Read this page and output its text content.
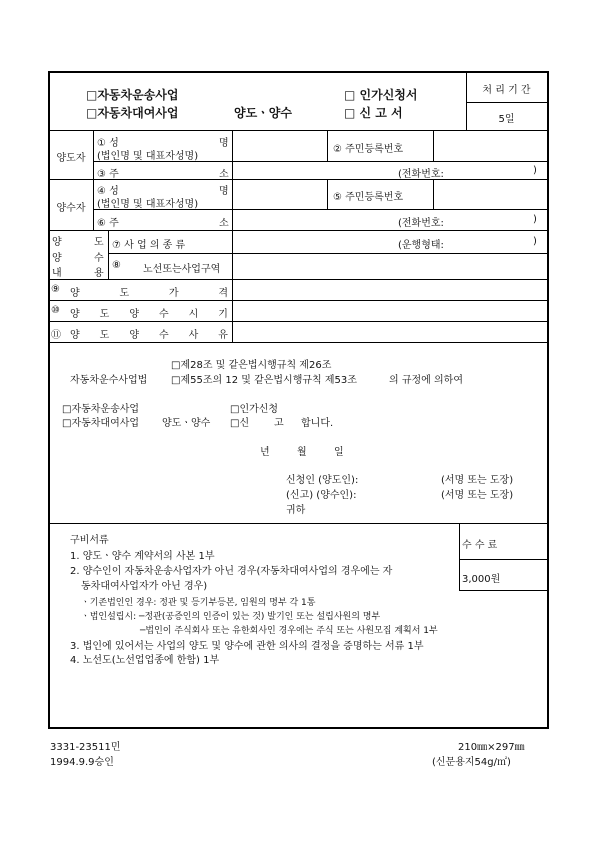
□자동차운송사업
□자동차대여사업	양도ㆍ양수
□ 인가신청서
□ 신 고 서
처 리 기 간
5일
양도자
① 성	명
(법인명 및 대표자성명)
② 주민등록번호
③ 주	소	(전화번호:	)
양수자
④ 성	명
(법인명 및 대표자성명)
⑤ 주민등록번호
⑥ 주	소	(전화번호:	)
양	도
양	수
내	용
⑦ 사 업 의 종 류	(운행형태:	)
⑧ 노선또는사업구역
⑨ 양	도	가	격
⑩ 양 도 양 수 시 기
⑪ 양 도 양 수 사 유
□제28조 및 같은법시행규칙 제26조
자동차운수사업법 □제55조의 12 및 같은법시행규칙 제53조	의 규정에 의하여
□자동차운송사업
□자동차대여사업 양도ㆍ양수
□인가신청
□신 고 합니다.
년	월	일
신청인 (양도인):
(신고) (양수인):
(서명 또는 도장)
(서명 또는 도장)
귀하
구비서류
1. 양도ㆍ양수 계약서의 사본 1부
2. 양수인이 자동차운송사업자가 아닌 경우(자동차대여사업의 경우에는 자
동차대여사업자가 아닌 경우)
ㆍ기존법인인 경우: 정관 및 등기부등본, 임원의 명부 각 1통
ㆍ법인설립시: ─정관(공증인의 인증이 있는 것) 발기인 또는 설립사원의 명부
─법인이 주식회사 또는 유한회사인 경우에는 주식 또는 사원모집 계획서 1부
3. 법인에 있어서는 사업의 양도 및 양수에 관한 의사의 결정을 증명하는 서류 1부
4. 노선도(노선업업종에 한함) 1부
수 수 료
3,000원
3331-23511민
1994.9.9승인
210㎜×297㎜
(신문용지54g/㎡)
